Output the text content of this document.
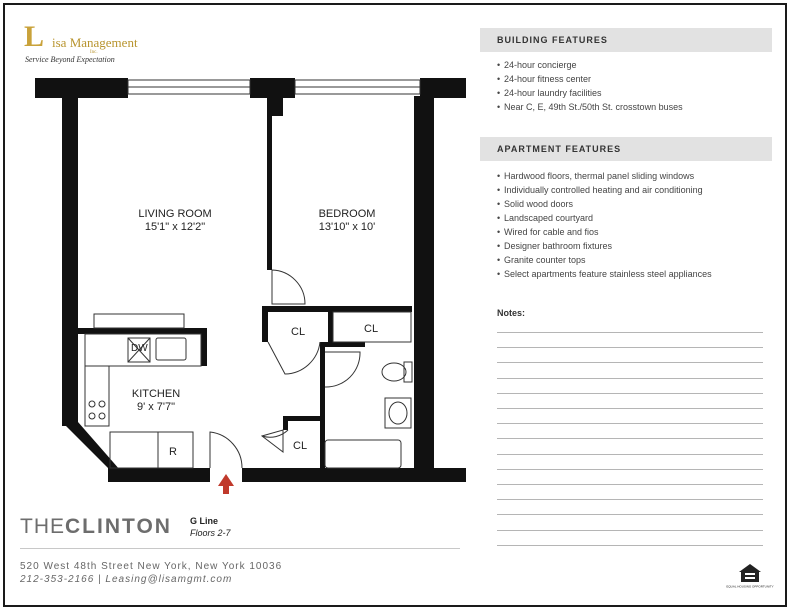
L isa Management
Inc.
Service Beyond Expectation
LIVING ROOM
15'1" x 12'2"
BEDROOM
13'10" x 10'
KITCHEN
9' x 7'7"
CL	CL
CL
DW
R
THECLINTON G Line
Floors 2-7
520 West 48th Street New York, New York 10036
212-353-2166 | Leasing@lisamgmt.com
BUILDING FEATURES
• 24-hour concierge
• 24-hour fitness center
• 24-hour laundry facilities
• Near C, E, 49th St./50th St. crosstown buses
APARTMENT FEATURES
• Hardwood floors, thermal panel sliding windows
• Individually controlled heating and air conditioning
• Solid wood doors
• Landscaped courtyard
• Wired for cable and fios
• Designer bathroom fixtures
• Granite counter tops
• Select apartments feature stainless steel appliances
Notes:
EQUAL HOUSING OPPORTUNITY
